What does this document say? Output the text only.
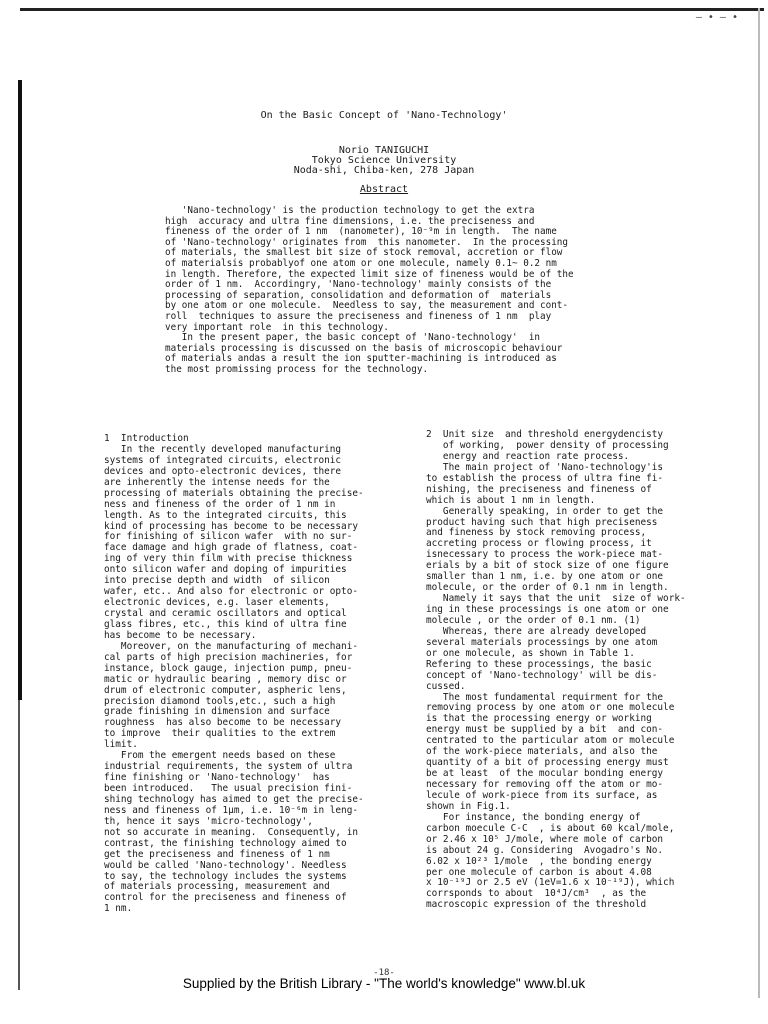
— • — •
On the Basic Concept of 'Nano-Technology'
Norio TANIGUCHI
Tokyo Science University
Noda-shi, Chiba-ken, 278 Japan
Abstract
'Nano-technology' is the production technology to get the extra
high  accuracy and ultra fine dimensions, i.e. the preciseness and
fineness of the order of 1 nm  (nanometer), 10⁻⁹m in length.  The name
of 'Nano-technology' originates from  this nanometer.  In the processing
of materials, the smallest bit size of stock removal, accretion or flow
of materialsis probablyof one atom or one molecule, namely 0.1~ 0.2 nm
in length. Therefore, the expected limit size of fineness would be of the
order of 1 nm.  Accordingry, 'Nano-technology' mainly consists of the
processing of separation, consolidation and deformation of  materials
by one atom or one molecule.  Needless to say, the measurement and cont-
roll  techniques to assure the preciseness and fineness of 1 nm  play
very important role  in this technology.
In the present paper, the basic concept of 'Nano-technology'  in
materials processing is discussed on the basis of microscopic behaviour
of materials andas a result the ion sputter-machining is introduced as
the most promissing process for the technology.
1  Introduction
In the recently developed manufacturing
systems of integrated circuits, electronic
devices and opto-electronic devices, there
are inherently the intense needs for the
processing of materials obtaining the precise-
ness and fineness of the order of 1 nm in
length. As to the integrated circuits, this
kind of processing has become to be necessary
for finishing of silicon wafer  with no sur-
face damage and high grade of flatness, coat-
ing of very thin film with precise thickness
onto silicon wafer and doping of impurities
into precise depth and width  of silicon
wafer, etc.. And also for electronic or opto-
electronic devices, e.g. laser elements,
crystal and ceramic oscillators and optical
glass fibres, etc., this kind of ultra fine
has become to be necessary.
Moreover, on the manufacturing of mechani-
cal parts of high precision machineries, for
instance, block gauge, injection pump, pneu-
matic or hydraulic bearing , memory disc or
drum of electronic computer, aspheric lens,
precision diamond tools,etc., such a high
grade finishing in dimension and surface
roughness  has also become to be necessary
to improve  their qualities to the extrem
limit.
From the emergent needs based on these
industrial requirements, the system of ultra
fine finishing or 'Nano-technology'  has
been introduced.   The usual precision fini-
shing technology has aimed to get the precise-
ness and fineness of 1μm, i.e. 10⁻⁶m in leng-
th, hence it says 'micro-technology',
not so accurate in meaning.  Consequently, in
contrast, the finishing technology aimed to
get the preciseness and fineness of 1 nm
would be called 'Nano-technology'. Needless
to say, the technology includes the systems
of materials processing, measurement and
control for the preciseness and fineness of
1 nm.
2  Unit size  and threshold energydencisty
of working,  power density of processing
energy and reaction rate process.
The main project of 'Nano-technology'is
to establish the process of ultra fine fi-
nishing, the preciseness and fineness of
which is about 1 nm in length.
Generally speaking, in order to get the
product having such that high preciseness
and fineness by stock removing process,
accreting process or flowing process, it
isnecessary to process the work-piece mat-
erials by a bit of stock size of one figure
smaller than 1 nm, i.e. by one atom or one
molecule, or the order of 0.1 nm in length.
Namely it says that the unit  size of work-
ing in these processings is one atom or one
molecule , or the order of 0.1 nm. (1)
Whereas, there are already developed
several materials processings by one atom
or one molecule, as shown in Table 1.
Refering to these processings, the basic
concept of 'Nano-technology' will be dis-
cussed.
The most fundamental requirment for the
removing process by one atom or one molecule
is that the processing energy or working
energy must be supplied by a bit  and con-
centrated to the particular atom or molecule
of the work-piece materials, and also the
quantity of a bit of processing energy must
be at least  of the mocular bonding energy
necessary for removing off the atom or mo-
lecule of work-piece from its surface, as
shown in Fig.1.
For instance, the bonding energy of
carbon moecule C-C  , is about 60 kcal/mole,
or 2.46 x 10⁵ J/mole, where mole of carbon
is about 24 g. Considering  Avogadro's No.
6.02 x 10²³ 1/mole  , the bonding energy
per one molecule of carbon is about 4.08
x 10⁻¹⁹J or 2.5 eV (1eV=1.6 x 10⁻¹⁹J), which
corrsponds to about  10⁴J/cm³  , as the
macroscopic expression of the threshold
-18-
Supplied by the British Library - "The world's knowledge" www.bl.uk
